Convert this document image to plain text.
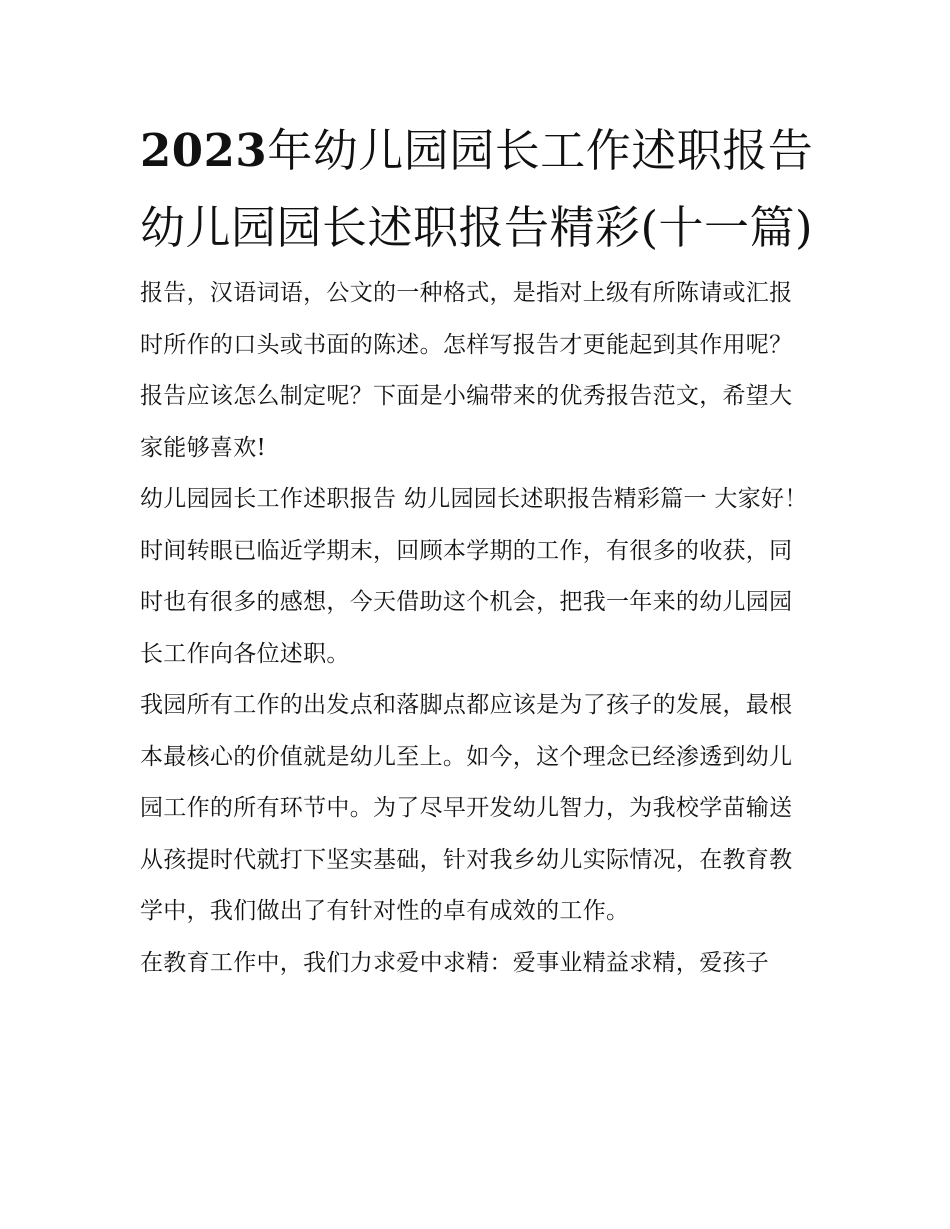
2023年幼儿园园长工作述职报告 幼儿园园长述职报告精彩(十一篇)

报告，汉语词语，公文的一种格式，是指对上级有所陈请或汇报时所作的口头或书面的陈述。怎样写报告才更能起到其作用呢？报告应该怎么制定呢？下面是小编带来的优秀报告范文，希望大家能够喜欢!

幼儿园园长工作述职报告 幼儿园园长述职报告精彩篇一 大家好！

时间转眼已临近学期末，回顾本学期的工作，有很多的收获，同时也有很多的感想，今天借助这个机会，把我一年来的幼儿园园长工作向各位述职。

我园所有工作的出发点和落脚点都应该是为了孩子的发展，最根本最核心的价值就是幼儿至上。如今，这个理念已经渗透到幼儿园工作的所有环节中。为了尽早开发幼儿智力，为我校学苗输送从孩提时代就打下坚实基础，针对我乡幼儿实际情况，在教育教学中，我们做出了有针对性的卓有成效的工作。

在教育工作中，我们力求爱中求精：爱事业精益求精，爱孩子
